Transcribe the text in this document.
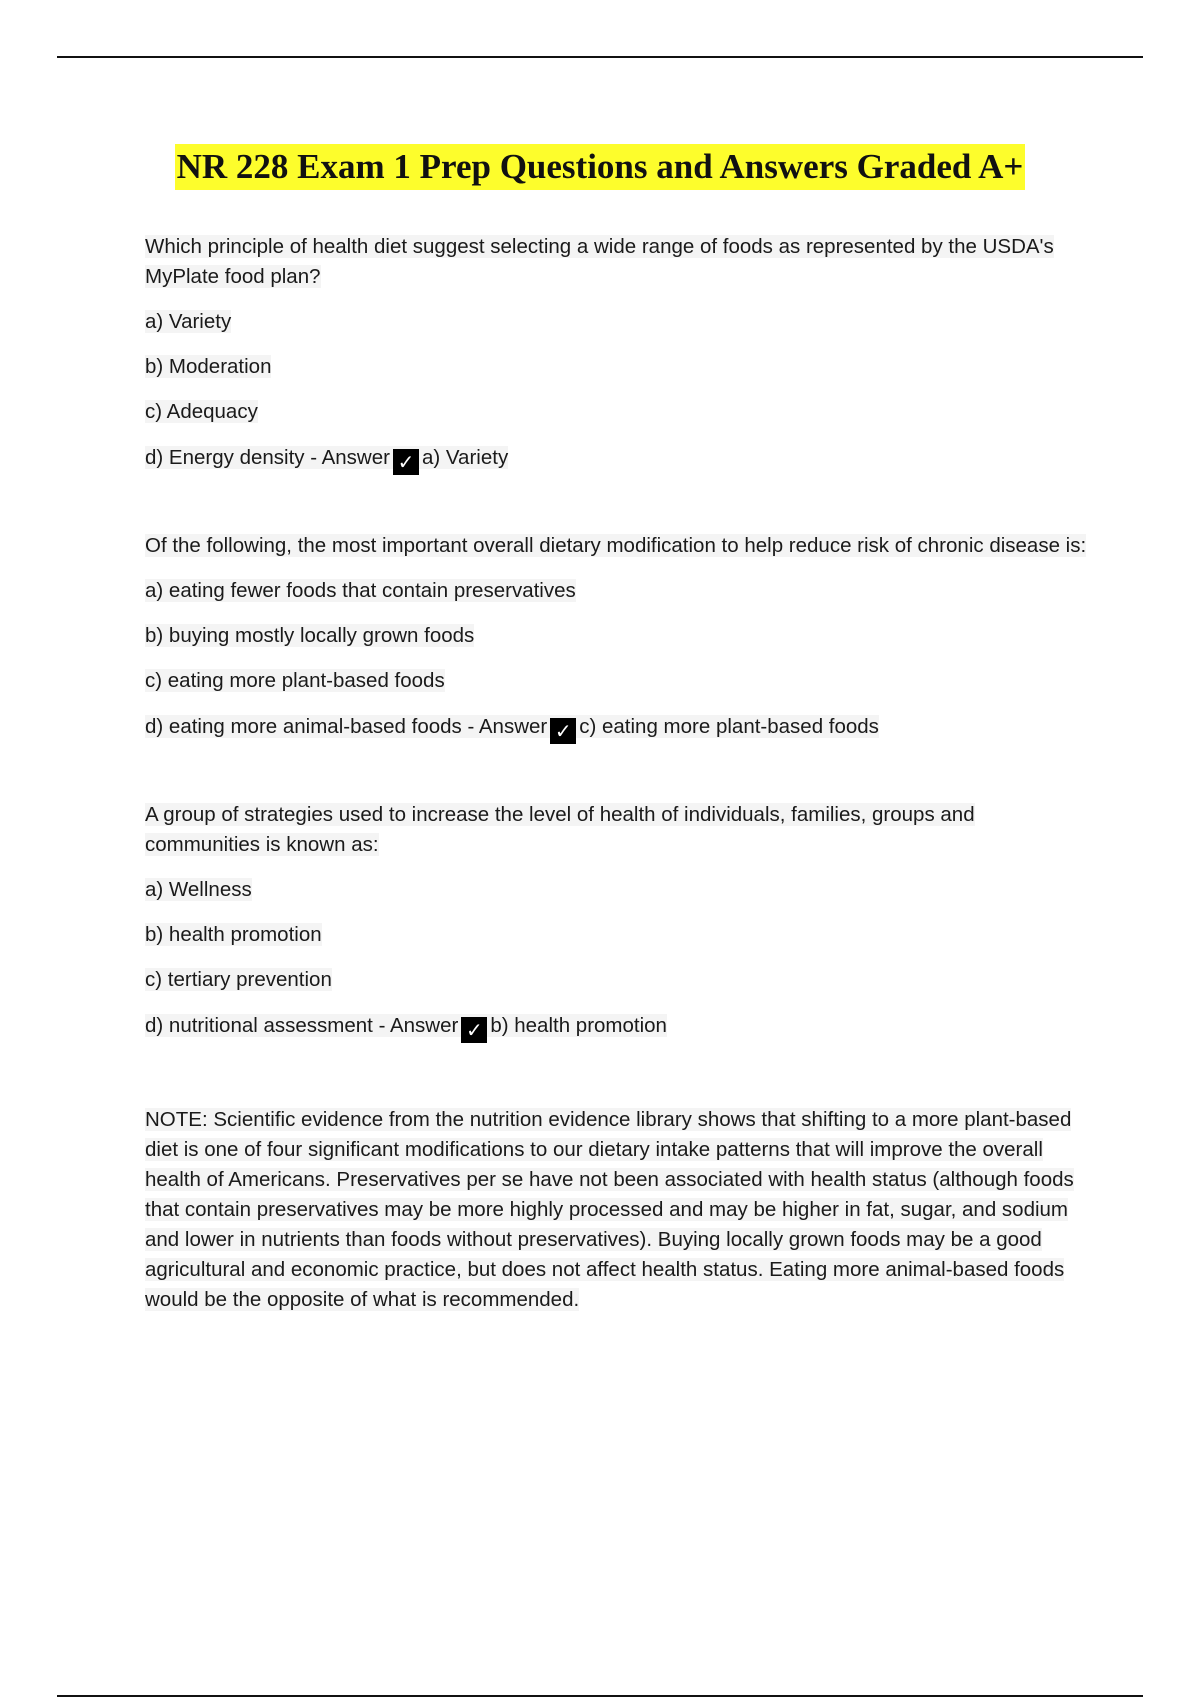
NR 228 Exam 1 Prep Questions and Answers Graded A+

Which principle of health diet suggest selecting a wide range of foods as represented by the USDA's MyPlate food plan?

a) Variety

b) Moderation

c) Adequacy

d) Energy density - Answer ✓ a) Variety

Of the following, the most important overall dietary modification to help reduce risk of chronic disease is:

a) eating fewer foods that contain preservatives

b) buying mostly locally grown foods

c) eating more plant-based foods

d) eating more animal-based foods - Answer ✓ c) eating more plant-based foods

A group of strategies used to increase the level of health of individuals, families, groups and communities is known as:

a) Wellness

b) health promotion

c) tertiary prevention

d) nutritional assessment - Answer ✓ b) health promotion

NOTE: Scientific evidence from the nutrition evidence library shows that shifting to a more plant-based diet is one of four significant modifications to our dietary intake patterns that will improve the overall health of Americans. Preservatives per se have not been associated with health status (although foods that contain preservatives may be more highly processed and may be higher in fat, sugar, and sodium and lower in nutrients than foods without preservatives). Buying locally grown foods may be a good agricultural and economic practice, but does not affect health status. Eating more animal-based foods would be the opposite of what is recommended.
